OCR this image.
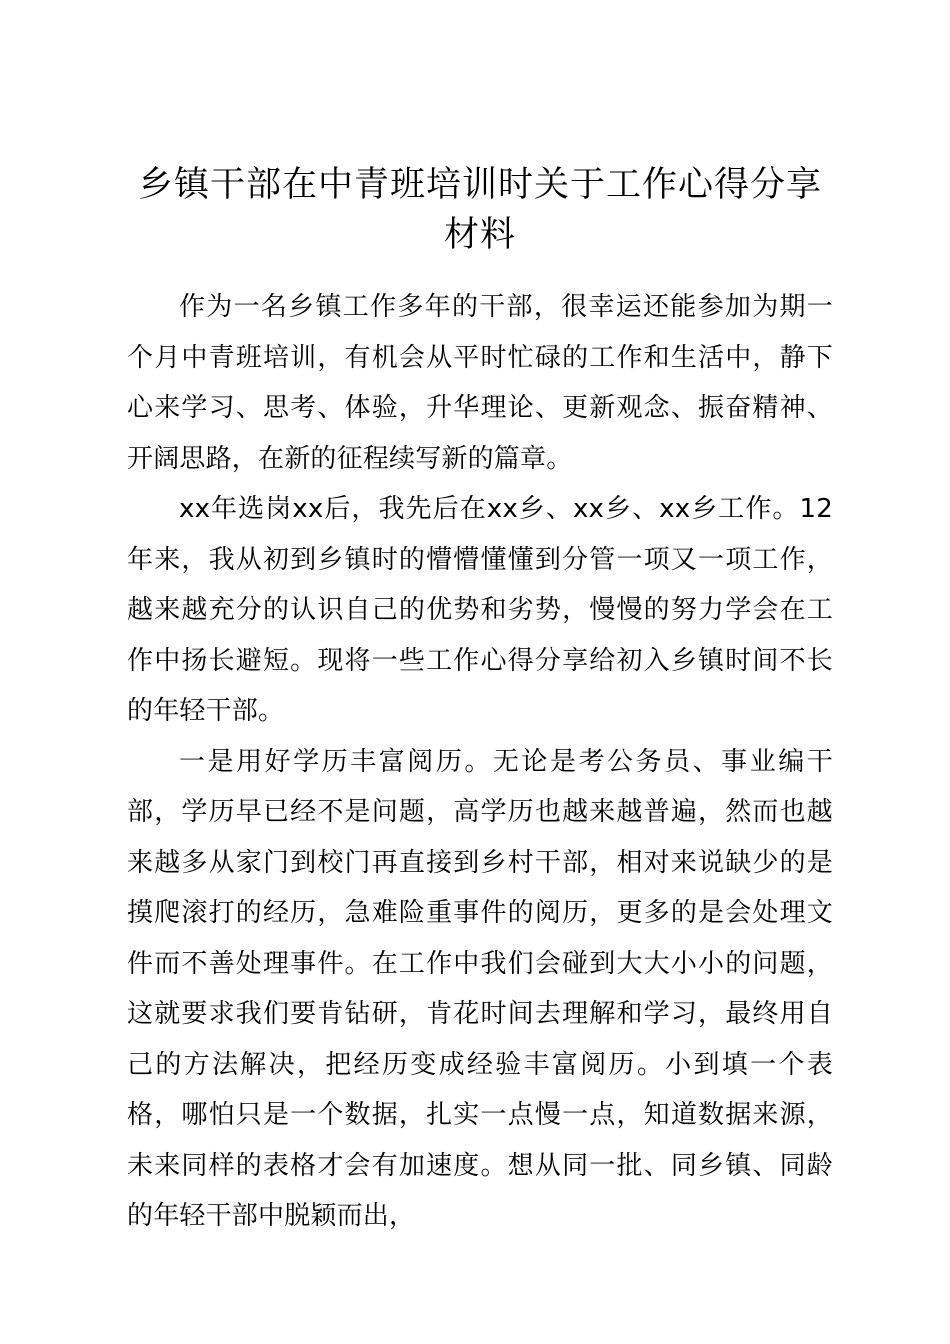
乡镇干部在中青班培训时关于工作心得分享材料

作为一名乡镇工作多年的干部，很幸运还能参加为期一个月中青班培训，有机会从平时忙碌的工作和生活中，静下心来学习、思考、体验，升华理论、更新观念、振奋精神、开阔思路，在新的征程续写新的篇章。

xx年选岗xx后，我先后在xx乡、xx乡、xx乡工作。12年来，我从初到乡镇时的懵懵懂懂到分管一项又一项工作，越来越充分的认识自己的优势和劣势，慢慢的努力学会在工作中扬长避短。现将一些工作心得分享给初入乡镇时间不长的年轻干部。

一是用好学历丰富阅历。无论是考公务员、事业编干部，学历早已经不是问题，高学历也越来越普遍，然而也越来越多从家门到校门再直接到乡村干部，相对来说缺少的是摸爬滚打的经历，急难险重事件的阅历，更多的是会处理文件而不善处理事件。在工作中我们会碰到大大小小的问题，这就要求我们要肯钻研，肯花时间去理解和学习，最终用自己的方法解决，把经历变成经验丰富阅历。小到填一个表格，哪怕只是一个数据，扎实一点慢一点，知道数据来源，未来同样的表格才会有加速度。想从同一批、同乡镇、同龄的年轻干部中脱颖而出，
